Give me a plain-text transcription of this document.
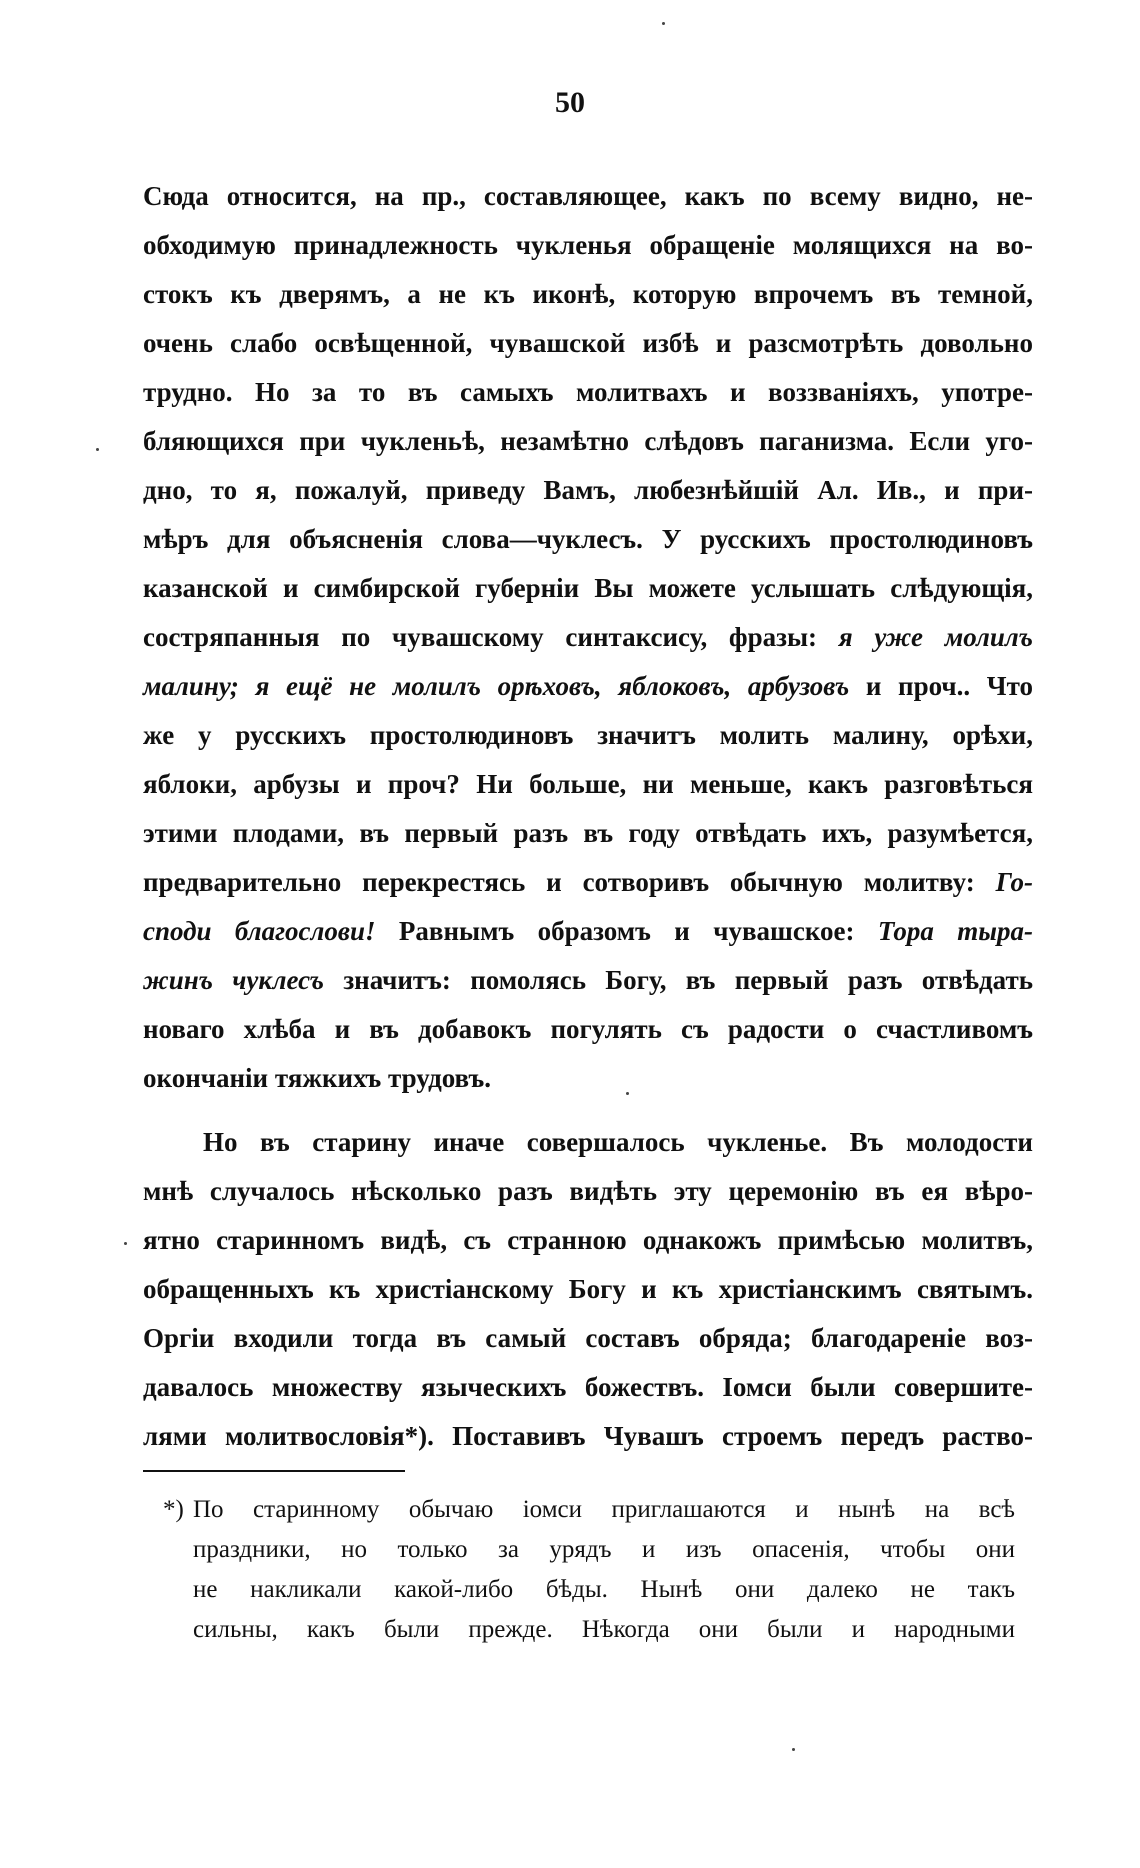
50
Сюда относится, на пр., составляющее, какъ по всему видно, не-
обходимую принадлежность чукленья обращеніе молящихся на во-
стокъ къ дверямъ, а не къ иконѣ, которую впрочемъ въ темной,
очень слабо освѣщенной, чувашской избѣ и разсмотрѣть довольно
трудно. Но за то въ самыхъ молитвахъ и воззваніяхъ, употре-
бляющихся при чукленьѣ, незамѣтно слѣдовъ паганизма. Если уго-
дно, то я, пожалуй, приведу Вамъ, любезнѣйшій Ал. Ив., и при-
мѣръ для объясненія слова—чуклесъ. У русскихъ простолюдиновъ
казанской и симбирской губерніи Вы можете услышать слѣдующія,
состряпанныя по чувашскому синтаксису, фразы: я уже молилъ
малину; я ещё не молилъ орѣховъ, яблоковъ, арбузовъ и проч.. Что
же у русскихъ простолюдиновъ значитъ молить малину, орѣхи,
яблоки, арбузы и проч? Ни больше, ни меньше, какъ разговѣться
этими плодами, въ первый разъ въ году отвѣдать ихъ, разумѣется,
предварительно перекрестясь и сотворивъ обычную молитву: Го-
споди благослови! Равнымъ образомъ и чувашское: Тора тыра-
жинъ чуклесъ значитъ: помолясь Богу, въ первый разъ отвѣдать
новаго хлѣба и въ добавокъ погулять съ радости о счастливомъ
окончаніи тяжкихъ трудовъ.
Но въ старину иначе совершалось чукленье. Въ молодости
мнѣ случалось нѣсколько разъ видѣть эту церемонію въ ея вѣро-
ятно старинномъ видѣ, съ странною однакожъ примѣсью молитвъ,
обращенныхъ къ христіанскому Богу и къ христіанскимъ святымъ.
Оргіи входили тогда въ самый составъ обряда; благодареніе воз-
давалось множеству языческихъ божествъ. Іомси были совершите-
лями молитвословія*). Поставивъ Чувашъ строемъ передъ раство-
*) По старинному обычаю іомси приглашаются и нынѣ на всѣ
праздники, но только за урядъ и изъ опасенія, чтобы они
не накликали какой-либо бѣды. Нынѣ они далеко не такъ
сильны, какъ были прежде. Нѣкогда они были и народными
